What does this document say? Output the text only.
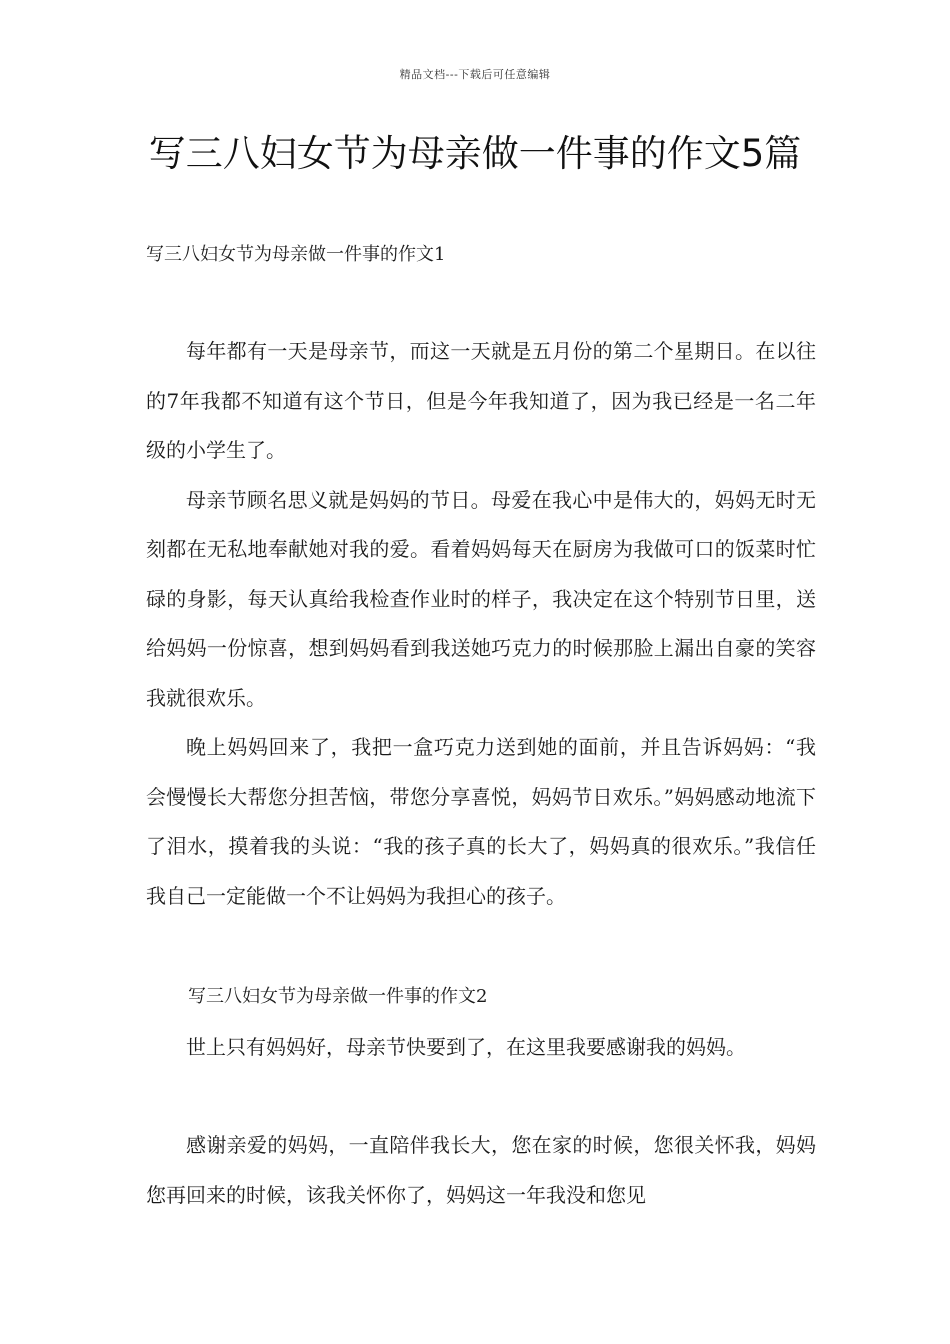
精品文档---下载后可任意编辑
写三八妇女节为母亲做一件事的作文5篇
写三八妇女节为母亲做一件事的作文1

每年都有一天是母亲节，而这一天就是五月份的第二个星期日。在以往的7年我都不知道有这个节日，但是今年我知道了，因为我已经是一名二年级的小学生了。

母亲节顾名思义就是妈妈的节日。母爱在我心中是伟大的，妈妈无时无刻都在无私地奉献她对我的爱。看着妈妈每天在厨房为我做可口的饭菜时忙碌的身影，每天认真给我检查作业时的样子，我决定在这个特别节日里，送给妈妈一份惊喜，想到妈妈看到我送她巧克力的时候那脸上漏出自豪的笑容我就很欢乐。

晚上妈妈回来了，我把一盒巧克力送到她的面前，并且告诉妈妈：“我会慢慢长大帮您分担苦恼，带您分享喜悦，妈妈节日欢乐。”妈妈感动地流下了泪水，摸着我的头说：“我的孩子真的长大了，妈妈真的很欢乐。”我信任我自己一定能做一个不让妈妈为我担心的孩子。

写三八妇女节为母亲做一件事的作文2

世上只有妈妈好，母亲节快要到了，在这里我要感谢我的妈妈。

感谢亲爱的妈妈，一直陪伴我长大，您在家的时候，您很关怀我，妈妈您再回来的时候，该我关怀你了，妈妈这一年我没和您见
